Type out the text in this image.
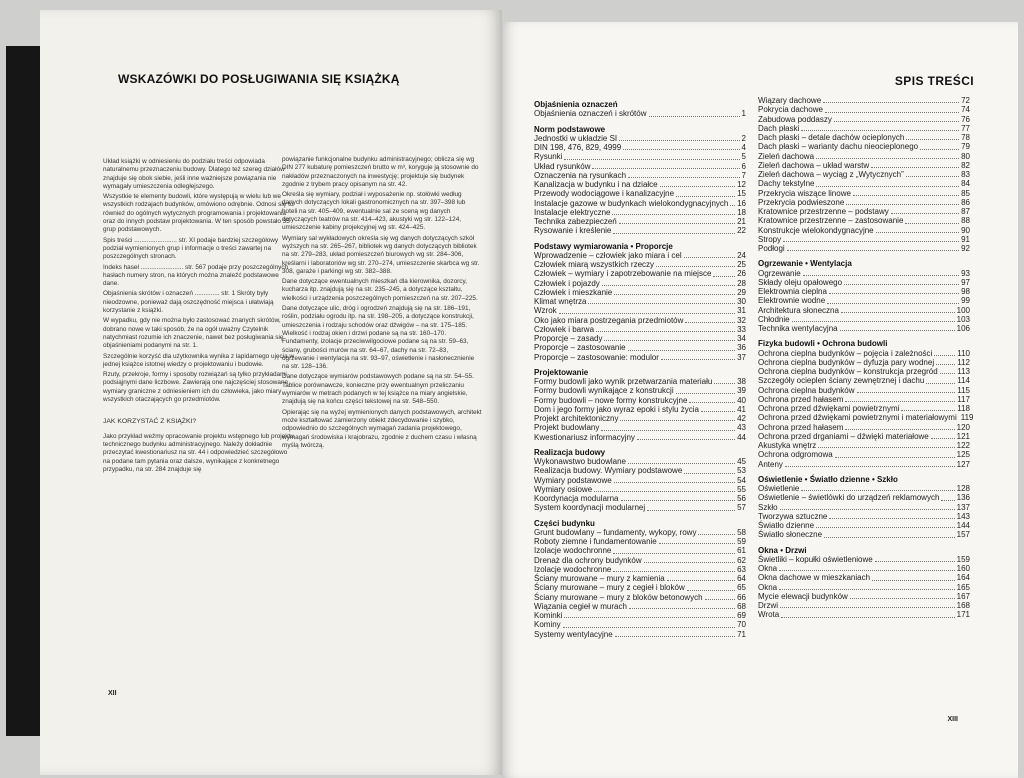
WSKAZÓWKI DO POSŁUGIWANIA SIĘ KSIĄŻKĄ

Układ książki w odniesieniu do podziału treści odpowiada naturalnemu przeznaczeniu budowy. Dlatego też szereg działów znajduje się obok siebie, jeśli inne ważniejsze powiązania nie wymagały umieszczenia odległejszego.

Wszystkie te elementy budowli, które występują w wielu lub we wszystkich rodzajach budynków, omówiono odrębnie. Odnosi się to również do ogólnych wytycznych programowania i projektowania oraz do innych podstaw projektowania. W ten sposób powstało 35 grup podstawowych.

Spis treści ........................ str. XI podaje bardziej szczegółowy podział wymienionych grup i informacje o treści zawartej na poszczególnych stronach.

Indeks haseł ........................ str. 567 podaje przy poszczególnych hasłach numery stron, na których można znaleźć podstawowe dane.

Objaśnienia skrótów i oznaczeń .............. str. 1 Skróty były nieodzowne, ponieważ dają oszczędność miejsca i ułatwiają korzystanie z książki.

W wypadku, gdy nie można było zastosować znanych skrótów, dobrano nowe w taki sposób, że na ogół uważny Czytelnik natychmiast rozumie ich znaczenie, nawet bez posługiwania się objaśnieniami podanymi na str. 1.

Szczególnie korzyść dla użytkownika wynika z lapidarnego ujęcia w jednej książce istotnej wiedzy o projektowaniu i budowie.

Rzuty, przekroje, formy i sposoby rozwiązań są tylko przykładami podsiąjnymi dane liczbowe. Zawierają one najczęściej stosowane wymiary graniczne z odniesieniem ich do człowieka, jako miary wszystkich otaczających go przedmiotów.

JAK KORZYSTAĆ Z KSIĄŻKI?

Jako przykład weźmy opracowanie projektu wstępnego lub projektu technicznego budynku administracyjnego. Należy dokładnie przeczytać kwestionariusz na str. 44 i odpowiedzieć szczegółowo na podane tam pytania oraz dalsze, wynikające z konkretnego przypadku, na str. 284 znajduje się

powiązanie funkcjonalne budynku administracyjnego; oblicza się wg DIN 277 kubaturę pomieszczeń brutto w m³, koryguje ją stosownie do nakładów przeznaczonych na inwestycję; projektuje się budynek zgodnie z trybem pracy opisanym na str. 42.

Określa się wymiary, podział i wyposażenie np. stołówki według danych dotyczących lokali gastronomicznych na str. 397–398 lub hoteli na str. 405–409, ewentualnie sal ze sceną wg danych dotyczących teatrów na str. 414–423, akustyki wg str. 122–124, umieszczenie kabiny projekcyjnej wg str. 424–425.

Wymiary sal wykładowych określa się wg danych dotyczących szkół wyższych na str. 265–267, bibliotek wg danych dotyczących bibliotek na str. 279–283, układ pomieszczeń biurowych wg str. 284–306, kreślarni i laboratoriów wg str. 270–274, umieszczenie skarbca wg str. 308, garaże i parkingi wg str. 382–388.

Dane dotyczące ewentualnych mieszkań dla kierownika, dozorcy, kucharza itp. znajdują się na str. 235–245, a dotyczące kształtu, wielkości i urządzenia poszczególnych pomieszczeń na str. 207–225.

Dane dotyczące ulic, dróg i ogrodzeń znajdują się na str. 186–191, roślin, podziału ogrodu itp. na str. 198–205, a dotyczące konstrukcji, umieszczenia i rodzaju schodów oraz dźwigów – na str. 175–185. Wielkość i rodzaj okien i drzwi podane są na str. 160–170. Fundamenty, izolacje przeciwwilgociowe podane są na str. 59–63, ściany, grubości murów na str. 64–67, dachy na str. 72–83, ogrzewanie i wentylacja na str. 93–97, oświetlenie i nasłonecznienie na str. 128–136.

Dane dotyczące wymiarów podstawowych podane są na str. 54–55. Tablice porównawcze, konieczne przy ewentualnym przeliczaniu wymiarów w metrach podanych w tej książce na miary angielskie, znajdują się na końcu części tekstowej na str. 548–550.

Opierając się na wyżej wymienionych danych podstawowych, architekt może kształtować zamierzony obiekt zdecydowanie i szybko, odpowiednio do szczególnych wymagań zadania projektowego, wymagań środowiska i krajobrazu, zgodnie z duchem czasu i własną myślą twórczą.

XII
SPIS TREŚCI
Objaśnienia oznaczeń
Objaśnienia oznaczeń i skrótów	1
Norm podstawowe
Jednostki w układzie SI	2
DIN 198, 476, 829, 4999	4
Rysunki	5
Układ rysunków	6
Oznaczenia na rysunkach	7
Kanalizacja w budynku i na działce	12
Przewody wodociągowe i kanalizacyjne	15
Instalacje gazowe w budynkach wielokondygnacyjnych 16
Instalacje elektryczne	18
Technika zabezpieczeń	21
Rysowanie i kreślenie	22
Podstawy wymiarowania • Proporcje
Wprowadzenie – człowiek jako miara i cel	24
Człowiek miarą wszystkich rzeczy	25
Człowiek – wymiary i zapotrzebowanie na miejsce	26
Człowiek i pojazdy	28
Człowiek i mieszkanie	29
Klimat wnętrza	30
Wzrok	31
Oko jako miara postrzegania przedmiotów	32
Człowiek i barwa	33
Proporcje – zasady	34
Proporcje – zastosowanie	36
Proporcje – zastosowanie: modulor	37
Projektowanie
Formy budowli jako wynik przetwarzania materiału	38
Formy budowli wynikające z konstrukcji	39
Formy budowli – nowe formy konstrukcyjne	40
Dom i jego formy jako wyraz epoki i stylu życia	41
Projekt architektoniczny	42
Projekt budowlany	43
Kwestionariusz informacyjny	44
Realizacja budowy
Wykonawstwo budowlane	45
Realizacja budowy. Wymiary podstawowe	53
Wymiary podstawowe	54
Wymiary osiowe	55
Koordynacja modularna	56
System koordynacji modularnej	57
Części budynku
Grunt budowlany – fundamenty, wykopy, rowy	58
Roboty ziemne i fundamentowanie	59
Izolacje wodochronne	61
Drenaż dla ochrony budynków	62
Izolacje wodochronne	63
Ściany murowane – mury z kamienia	64
Ściany murowane – mury z cegieł i bloków	65
Ściany murowane – mury z bloków betonowych	66
Wiązania cegieł w murach	68
Kominki	69
Kominy	70
Systemy wentylacyjne	71
Wiązary dachowe	72
Pokrycia dachowe	74
Zabudowa poddaszy	76
Dach płaski	77
Dach płaski – detale dachów ocieplonych	78
Dach płaski – warianty dachu nieocieplonego	79
Zieleń dachowa	80
Zieleń dachowa – układ warstw	82
Zieleń dachowa – wyciąg z „Wytycznych”	83
Dachy tekstylne	84
Przekrycia wiszące linowe	85
Przekrycia podwieszone	86
Kratownice przestrzenne – podstawy	87
Kratownice przestrzenne – zastosowanie	88
Konstrukcje wielokondygnacyjne	90
Stropy	91
Podłogi	92
Ogrzewanie • Wentylacja
Ogrzewanie	93
Składy oleju opałowego	97
Elektrownia cieplna	98
Elektrownie wodne	99
Architektura słoneczna	100
Chłodnie	103
Technika wentylacyjna	106
Fizyka budowli • Ochrona budowli
Ochrona cieplna budynków – pojęcia i zależności	110
Ochrona cieplna budynków – dyfuzja pary wodnej	112
Ochrona cieplna budynków – konstrukcja przegród 113
Szczegóły ocieplen ściany zewnętrznej i dachu	114
Ochrona cieplna budynków	115
Ochrona przed hałasem	117
Ochrona przed dźwiękami powietrznymi	118
Ochrona przed dźwiękami powietrznymi i materiałowymi 119
Ochrona przed hałasem	120
Ochrona przed drganiami – dźwięki materiałowe	121
Akustyka wnętrz	122
Ochrona odgromowa	125
Anteny	127
Oświetlenie • Światło dzienne • Szkło
Oświetlenie	128
Oświetlenie – świetlówki do urządzeń reklamowych 136
Szkło	137
Tworzywa sztuczne	143
Światło dzienne	144
Światło słoneczne	157
Okna • Drzwi
Świetliki – kopułki oświetleniowe	159
Okna	160
Okna dachowe w mieszkaniach	164
Okna	165
Mycie elewacji budynków	167
Drzwi	168
Wrota	171
XIII
